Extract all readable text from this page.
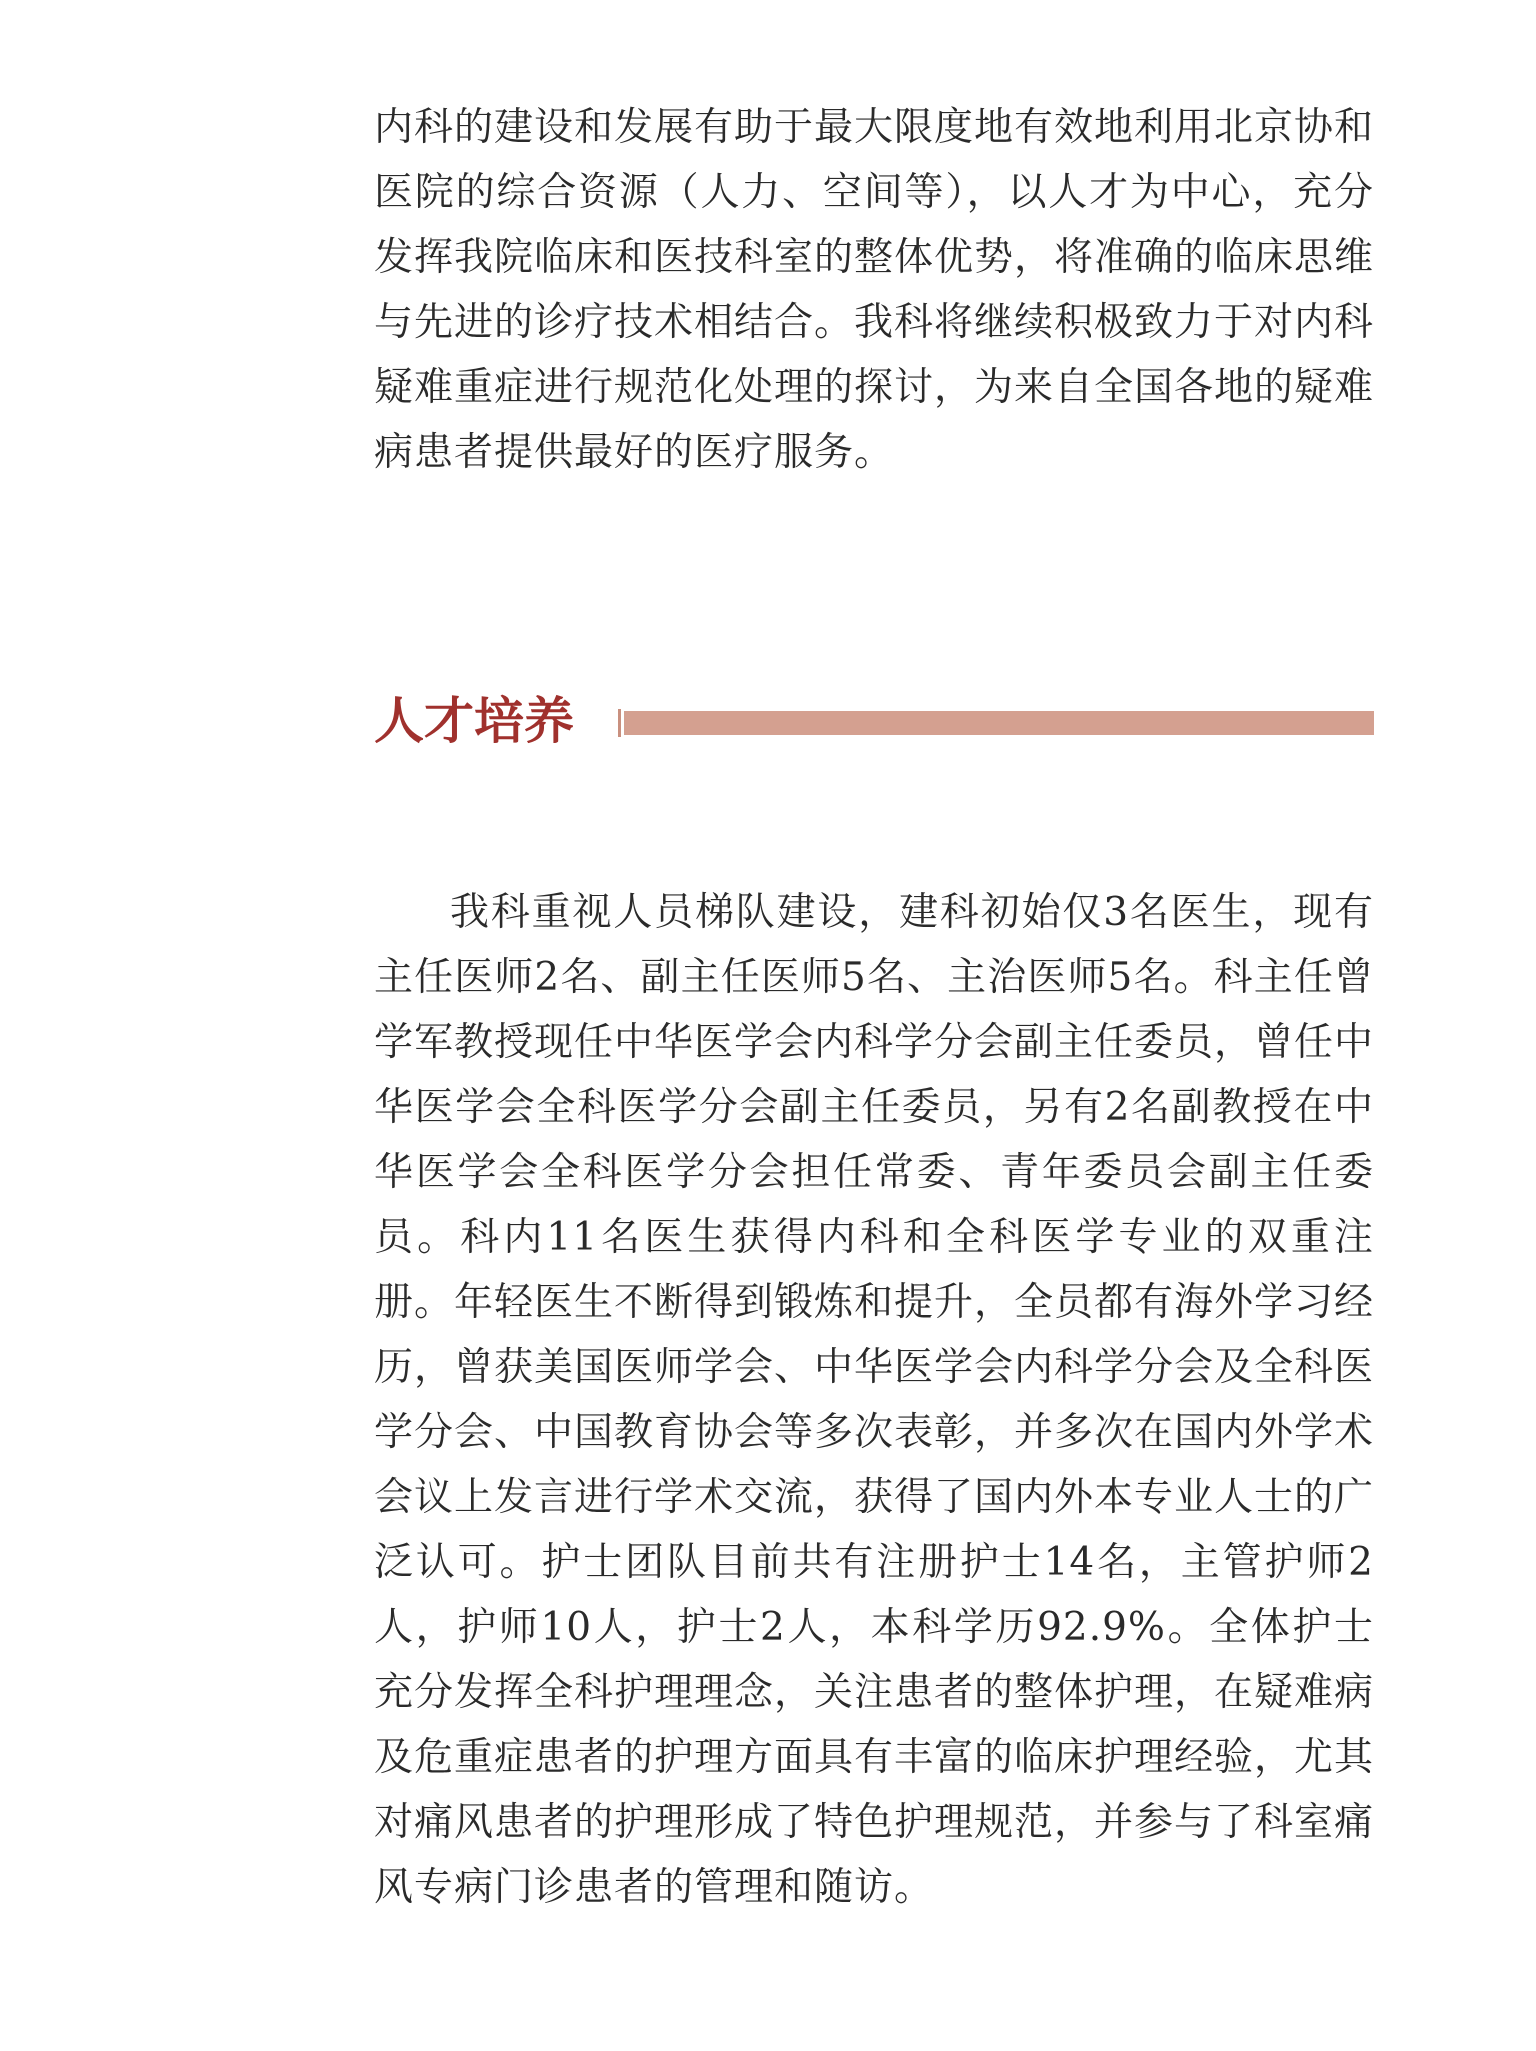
内科的建设和发展有助于最大限度地有效地利用北京协和医院的综合资源（人力、空间等），以人才为中心，充分发挥我院临床和医技科室的整体优势，将准确的临床思维与先进的诊疗技术相结合。我科将继续积极致力于对内科疑难重症进行规范化处理的探讨，为来自全国各地的疑难病患者提供最好的医疗服务。

人才培养

我科重视人员梯队建设，建科初始仅3名医生，现有主任医师2名、副主任医师5名、主治医师5名。科主任曾学军教授现任中华医学会内科学分会副主任委员，曾任中华医学会全科医学分会副主任委员，另有2名副教授在中华医学会全科医学分会担任常委、青年委员会副主任委员。科内11名医生获得内科和全科医学专业的双重注册。年轻医生不断得到锻炼和提升，全员都有海外学习经历，曾获美国医师学会、中华医学会内科学分会及全科医学分会、中国教育协会等多次表彰，并多次在国内外学术会议上发言进行学术交流，获得了国内外本专业人士的广泛认可。护士团队目前共有注册护士14名，主管护师2人，护师10人，护士2人，本科学历92.9%。全体护士充分发挥全科护理理念，关注患者的整体护理，在疑难病及危重症患者的护理方面具有丰富的临床护理经验，尤其对痛风患者的护理形成了特色护理规范，并参与了科室痛风专病门诊患者的管理和随访。
